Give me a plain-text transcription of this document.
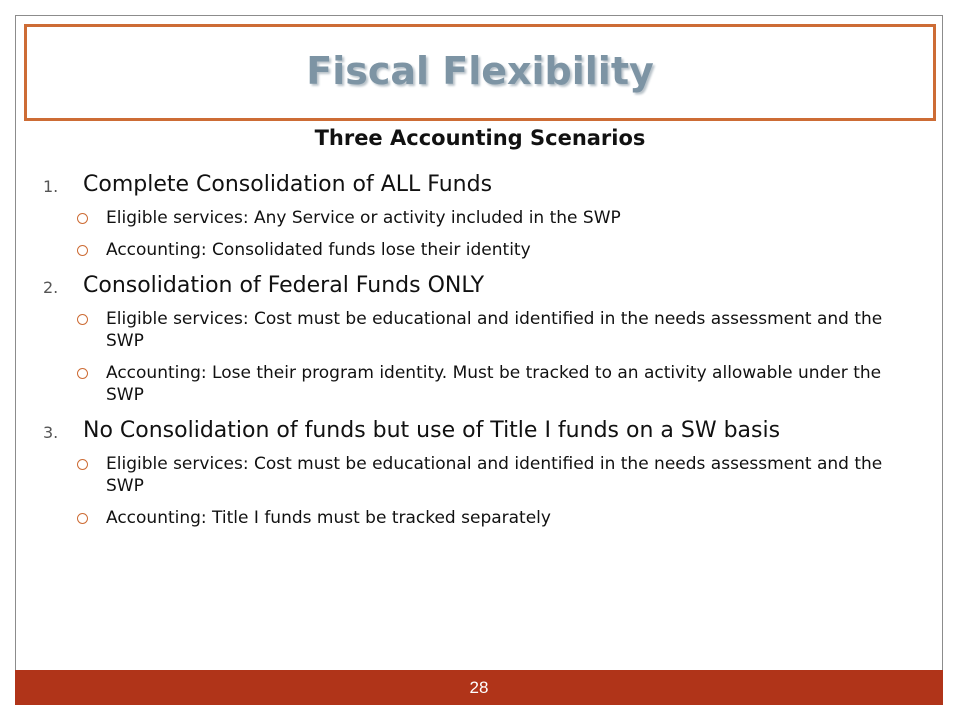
Fiscal Flexibility
Three Accounting Scenarios
1. Complete Consolidation of ALL Funds
Eligible services: Any Service or activity included in the SWP
Accounting: Consolidated funds lose their identity
2. Consolidation of Federal Funds ONLY
Eligible services: Cost must be educational and identified in the needs assessment and the SWP
Accounting: Lose their program identity. Must be tracked to an activity allowable under the SWP
3. No Consolidation of funds but use of Title I funds on a SW basis
Eligible services: Cost must be educational and identified in the needs assessment and the SWP
Accounting: Title I funds must be tracked separately
28
